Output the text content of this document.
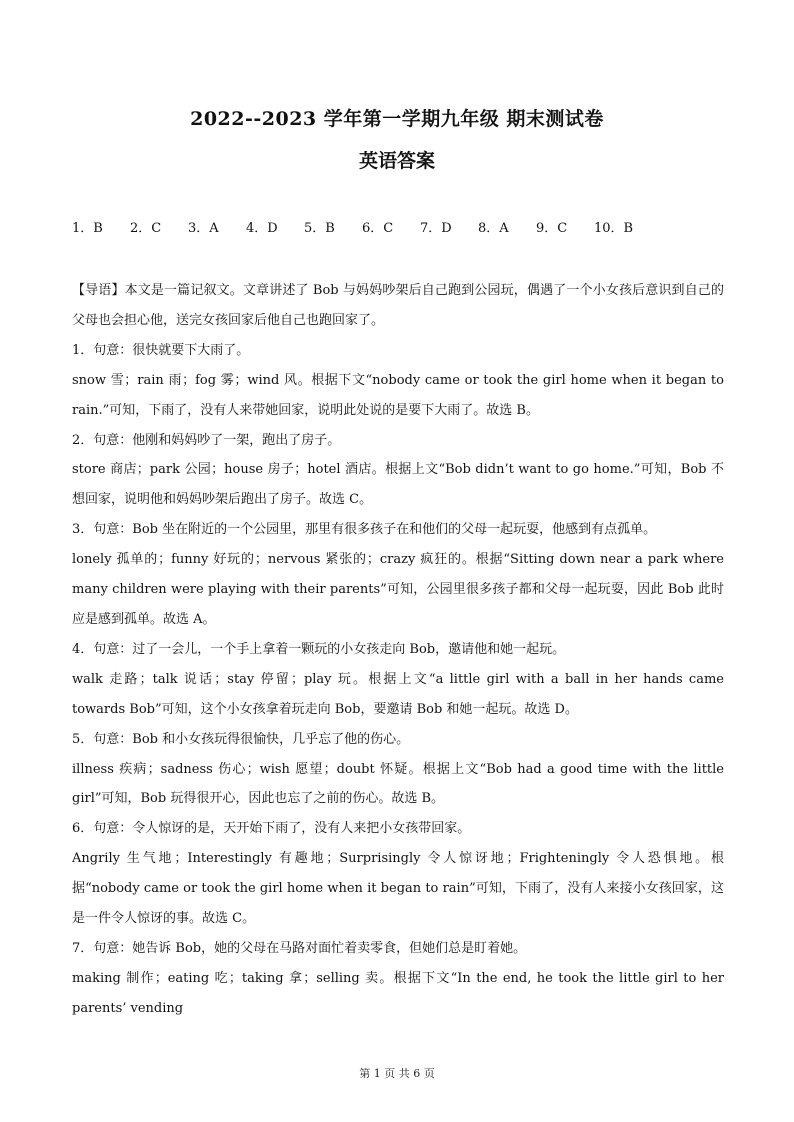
2022--2023 学年第一学期九年级 期末测试卷
英语答案
1．B 2．C 3．A 4．D 5．B 6．C 7．D 8．A 9．C 10．B

【导语】本文是一篇记叙文。文章讲述了 Bob 与妈妈吵架后自己跑到公园玩，偶遇了一个小女孩后意识到自己的父母也会担心他，送完女孩回家后他自己也跑回家了。

1．句意：很快就要下大雨了。

snow 雪；rain 雨；fog 雾；wind 风。根据下文“nobody came or took the girl home when it began to rain.”可知，下雨了，没有人来带她回家，说明此处说的是要下大雨了。故选 B。

2．句意：他刚和妈妈吵了一架，跑出了房子。

store 商店；park 公园；house 房子；hotel 酒店。根据上文“Bob didn’t want to go home.”可知，Bob 不想回家，说明他和妈妈吵架后跑出了房子。故选 C。

3．句意：Bob 坐在附近的一个公园里，那里有很多孩子在和他们的父母一起玩耍，他感到有点孤单。

lonely 孤单的；funny 好玩的；nervous 紧张的；crazy 疯狂的。根据“Sitting down near a park where many children were playing with their parents”可知，公园里很多孩子都和父母一起玩耍，因此 Bob 此时应是感到孤单。故选 A。

4．句意：过了一会儿，一个手上拿着一颗玩的小女孩走向 Bob，邀请他和她一起玩。

walk 走路；talk 说话；stay 停留；play 玩。根据上文“a little girl with a ball in her hands came towards Bob”可知，这个小女孩拿着玩走向 Bob，要邀请 Bob 和她一起玩。故选 D。

5．句意：Bob 和小女孩玩得很愉快，几乎忘了他的伤心。

illness 疾病；sadness 伤心；wish 愿望；doubt 怀疑。根据上文“Bob had a good time with the little girl”可知，Bob 玩得很开心，因此也忘了之前的伤心。故选 B。

6．句意：令人惊讶的是，天开始下雨了，没有人来把小女孩带回家。

Angrily 生气地；Interestingly 有趣地；Surprisingly 令人惊讶地；Frighteningly 令人恐惧地。根据“nobody came or took the girl home when it began to rain”可知，下雨了，没有人来接小女孩回家，这是一件令人惊讶的事。故选 C。

7．句意：她告诉 Bob，她的父母在马路对面忙着卖零食，但她们总是盯着她。

making 制作；eating 吃；taking 拿；selling 卖。根据下文“In the end, he took the little girl to her parents’ vending

第 1 页 共 6 页
